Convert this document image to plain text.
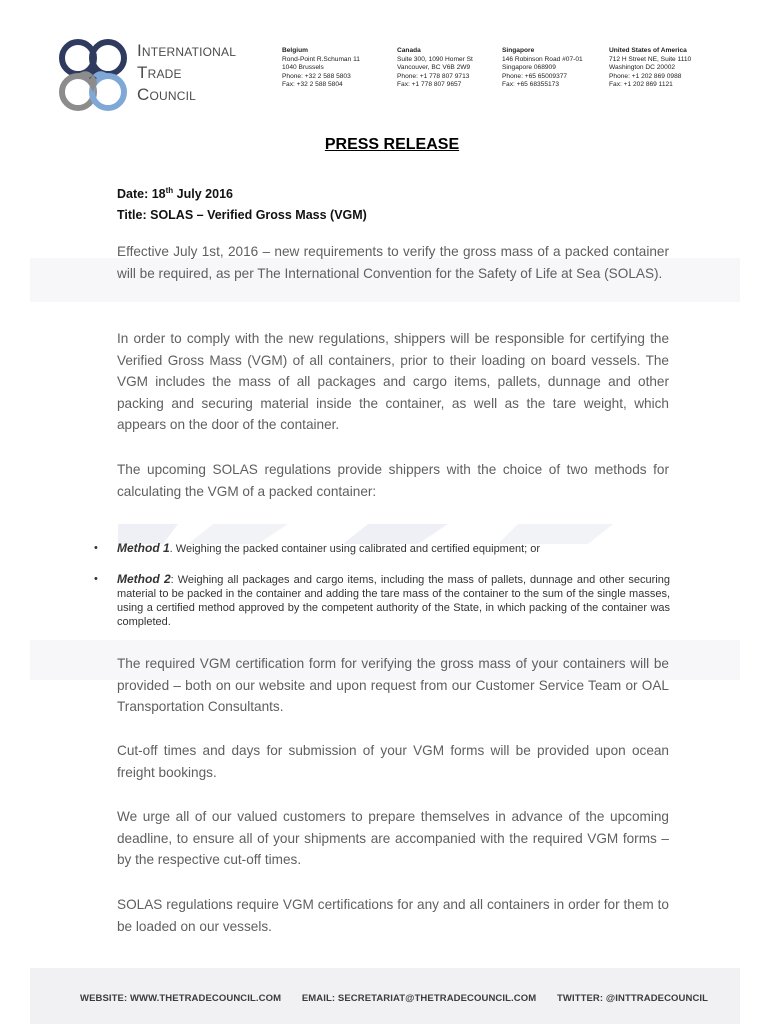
International
Trade
Council
Belgium
Rond-Point R.Schuman 11
1040 Brussels
Phone: +32 2 588 5803
Fax: +32 2 588 5804
Canada
Suite 300, 1090 Homer St
Vancouver, BC V6B 2W9
Phone: +1 778 807 9713
Fax: +1 778 807 9657
Singapore
146 Robinson Road #07-01
Singapore 068909
Phone: +65 65009377
Fax: +65 68355173
United States of America
712 H Street NE, Suite 1110
Washington DC 20002
Phone: +1 202 869 0988
Fax: +1 202 869 1121
PRESS RELEASE
Date: 18th July 2016
Title: SOLAS – Verified Gross Mass (VGM)
Effective July 1st, 2016 – new requirements to verify the gross mass of a packed container will be required, as per The International Convention for the Safety of Life at Sea (SOLAS).
In order to comply with the new regulations, shippers will be responsible for certifying the Verified Gross Mass (VGM) of all containers, prior to their loading on board vessels. The VGM includes the mass of all packages and cargo items, pallets, dunnage and other packing and securing material inside the container, as well as the tare weight, which appears on the door of the container.
The upcoming SOLAS regulations provide shippers with the choice of two methods for calculating the VGM of a packed container:
• Method 1. Weighing the packed container using calibrated and certified equipment; or
• Method 2: Weighing all packages and cargo items, including the mass of pallets, dunnage and other securing material to be packed in the container and adding the tare mass of the container to the sum of the single masses, using a certified method approved by the competent authority of the State, in which packing of the container was completed.
The required VGM certification form for verifying the gross mass of your containers will be provided – both on our website and upon request from our Customer Service Team or OAL Transportation Consultants.
Cut-off times and days for submission of your VGM forms will be provided upon ocean freight bookings.
We urge all of our valued customers to prepare themselves in advance of the upcoming deadline, to ensure all of your shipments are accompanied with the required VGM forms – by the respective cut-off times.
SOLAS regulations require VGM certifications for any and all containers in order for them to be loaded on our vessels.
WEBSITE: WWW.THETRADECOUNCIL.COM EMAIL: SECRETARIAT@THETRADECOUNCIL.COM TWITTER: @INTTRADECOUNCIL
